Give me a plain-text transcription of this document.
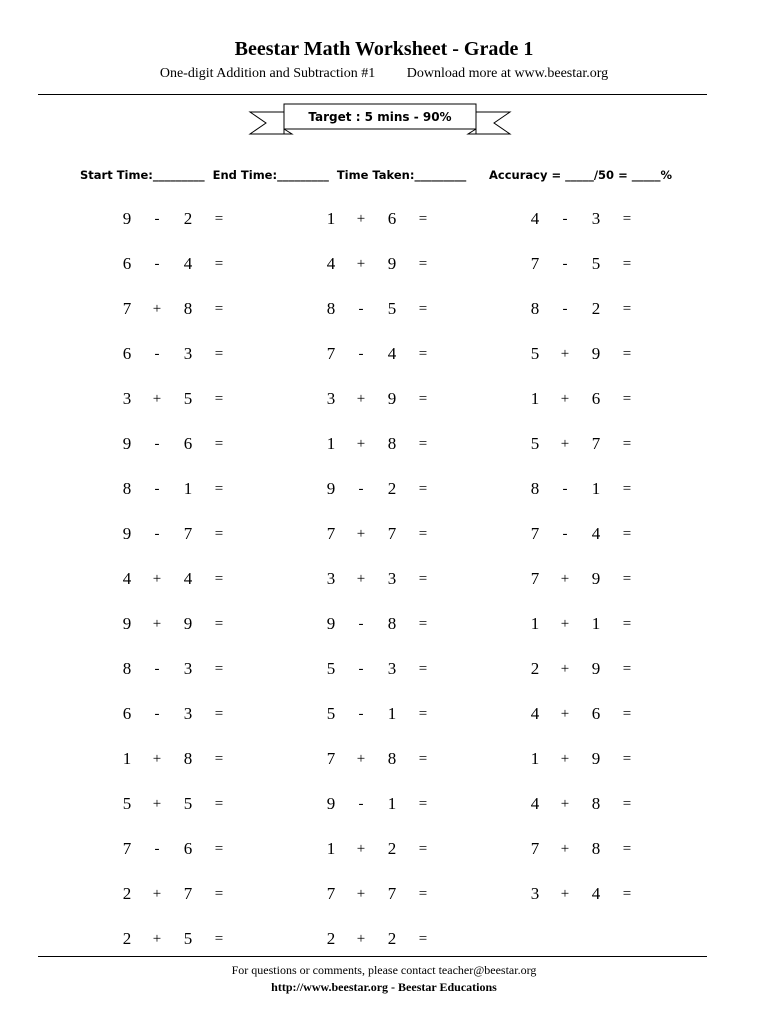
Beestar Math Worksheet - Grade 1
One-digit Addition and Subtraction #1 Download more at www.beestar.org
Target : 5 mins - 90%
Start Time:_________  End Time:_________  Time Taken:_________ Accuracy = _____/50 = _____%
9	-	2	=	1	+	6	=	4	-	3	=
6	-	4	=	4	+	9	=	7	-	5	=
7	+	8	=	8	-	5	=	8	-	2	=
6	-	3	=	7	-	4	=	5	+	9	=
3	+	5	=	3	+	9	=	1	+	6	=
9	-	6	=	1	+	8	=	5	+	7	=
8	-	1	=	9	-	2	=	8	-	1	=
9	-	7	=	7	+	7	=	7	-	4	=
4	+	4	=	3	+	3	=	7	+	9	=
9	+	9	=	9	-	8	=	1	+	1	=
8	-	3	=	5	-	3	=	2	+	9	=
6	-	3	=	5	-	1	=	4	+	6	=
1	+	8	=	7	+	8	=	1	+	9	=
5	+	5	=	9	-	1	=	4	+	8	=
7	-	6	=	1	+	2	=	7	+	8	=
2	+	7	=	7	+	7	=	3	+	4	=
2	+	5	=	2	+	2	=
For questions or comments, please contact teacher@beestar.org
http://www.beestar.org - Beestar Educations
